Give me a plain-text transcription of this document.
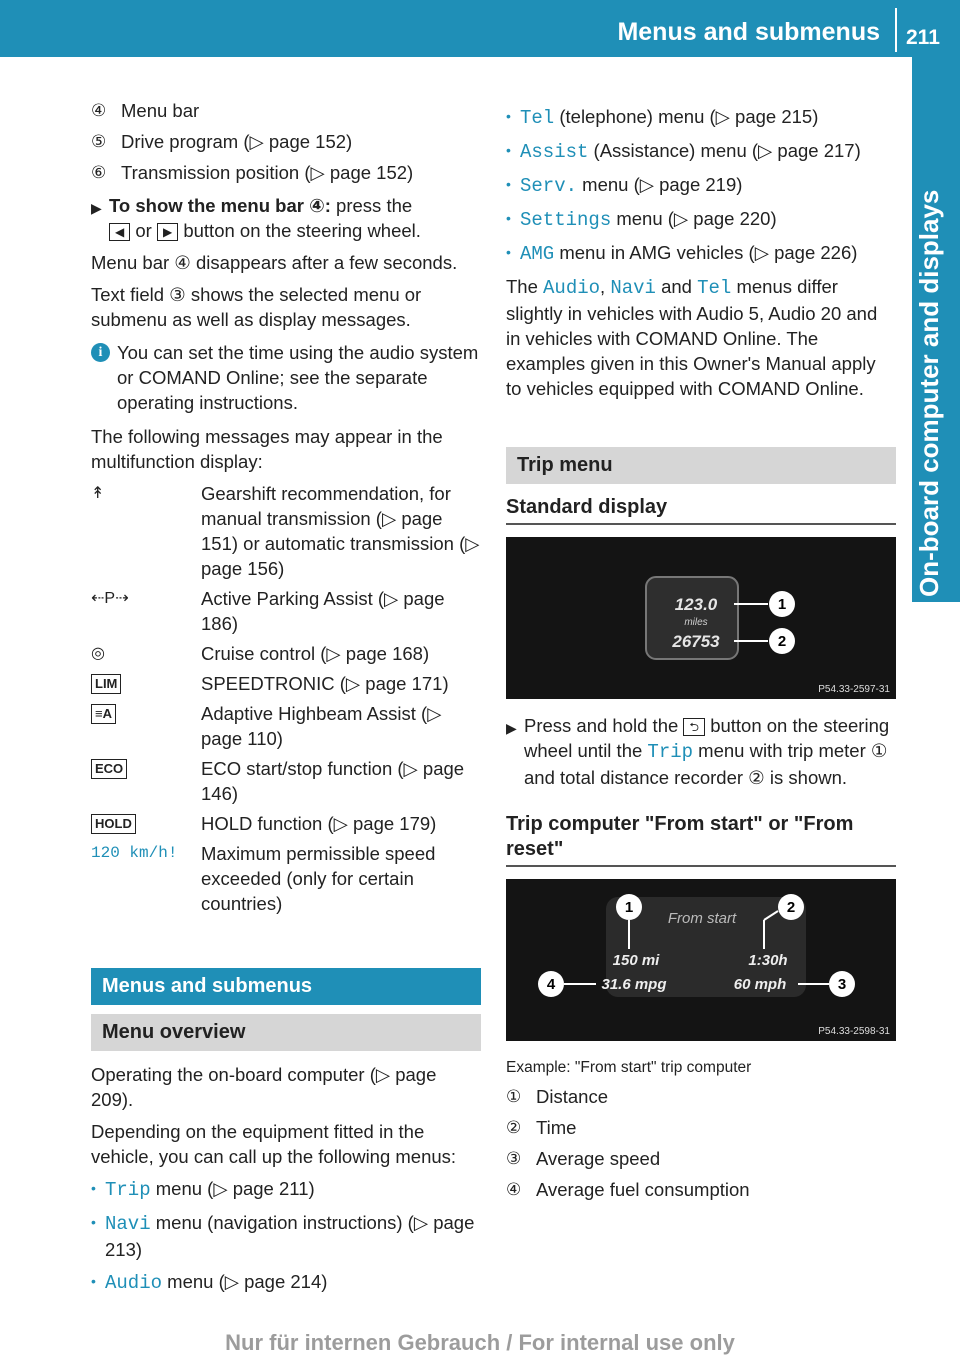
Menus and submenus 211
On-board computer and displays
④ Menu bar
⑤ Drive program (▷ page 152)
⑥ Transmission position (▷ page 152)
▶ To show the menu bar ④: press the
◀ or ▶ button on the steering wheel.

Menu bar ④ disappears after a few seconds.

Text field ③ shows the selected menu or submenu as well as display messages.

i You can set the time using the audio system or COMAND Online; see the separate operating instructions.

The following messages may appear in the multifunction display:

↟	Gearshift recommendation, for manual transmission (▷ page 151) or automatic transmission (▷ page 156)
⇠P⇢	Active Parking Assist (▷ page 186)
◎	Cruise control (▷ page 168)
LIM	SPEEDTRONIC (▷ page 171)
≡A	Adaptive Highbeam Assist (▷ page 110)
ECO	ECO start/stop function (▷ page 146)
HOLD	HOLD function (▷ page 179)
120 km/h!	Maximum permissible speed exceeded (only for certain countries)
Menus and submenus
Menu overview

Operating the on-board computer (▷ page 209).

Depending on the equipment fitted in the vehicle, you can call up the following menus:

• Trip menu (▷ page 211)
• Navi menu (navigation instructions) (▷ page 213)
• Audio menu (▷ page 214)
• Tel (telephone) menu (▷ page 215)
• Assist (Assistance) menu (▷ page 217)
• Serv. menu (▷ page 219)
• Settings menu (▷ page 220)
• AMG menu in AMG vehicles (▷ page 226)

The Audio, Navi and Tel menus differ slightly in vehicles with Audio 5, Audio 20 and in vehicles with COMAND Online. The examples given in this Owner's Manual apply to vehicles equipped with COMAND Online.

Trip menu
Standard display
123.0
miles
26753
1
2
P54.33-2597-31
▶ Press and hold the ⮌ button on the steering wheel until the Trip menu with trip meter ① and total distance recorder ② is shown.
Trip computer "From start" or "From reset"
1	2
From start
150 mi	1:30h
31.6 mpg	60 mph
4	3
P54.33-2598-31
Example: "From start" trip computer
① Distance
② Time
③ Average speed
④ Average fuel consumption
Nur für internen Gebrauch / For internal use only
